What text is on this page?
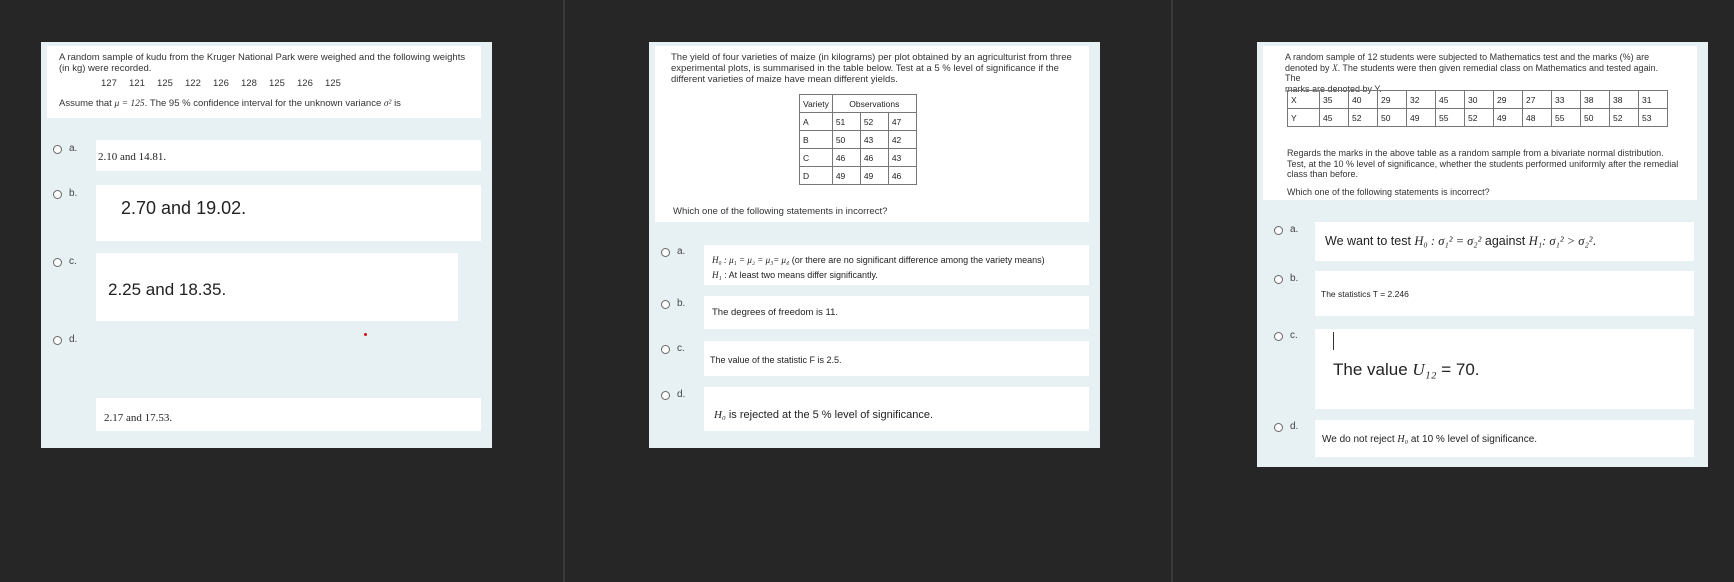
A random sample of kudu from the Kruger National Park were weighed and the following weights
(in kg) were recorded.
127	121	125	122	126	128	125	126	125
Assume that μ = 125. The 95 % confidence interval for the unknown variance σ² is
a.
2.10 and 14.81.
b.
2.70 and 19.02.
c.
2.25 and 18.35.
d.
2.17 and 17.53.
The yield of four varieties of maize (in kilograms) per plot obtained by an agriculturist from three
experimental plots, is summarised in the table below. Test at a 5 % level of significance if the
different varieties of maize have mean different yields.
Variety	Observations		
A	51	52	47
B	50	43	42
C	46	46	43
D	49	49	46
Which one of the following statements in incorrect?
a.
H₀ : μ₁ = μ₂ = μ₃= μ₄ (or there are no significant difference among the variety means)
H₁ : At least two means differ significantly.
b.
The degrees of freedom is 11.
c.
The value of the statistic F is 2.5.
d.
H₀ is rejected at the 5 % level of significance.
A random sample of 12 students were subjected to Mathematics test and the marks (%) are
denoted by X. The students were then given remedial class on Mathematics and tested again. The
marks are denoted by Y.
X	35	40	29	32	45	30	29	27	33	38	38	31
Y	45	52	50	49	55	52	49	48	55	50	52	53
Regards the marks in the above table as a random sample from a bivariate normal distribution.
Test, at the 10 % level of significance, whether the students performed uniformly after the remedial
class than before.
Which one of the following statements is incorrect?
a.
We want to test H₀ : σ₁² = σ₂² against H₁: σ₁² > σ₂².
b.
The statistics T = 2.246
c.
The value U₁₂ = 70.
d.
We do not reject H₀ at 10 % level of significance.
